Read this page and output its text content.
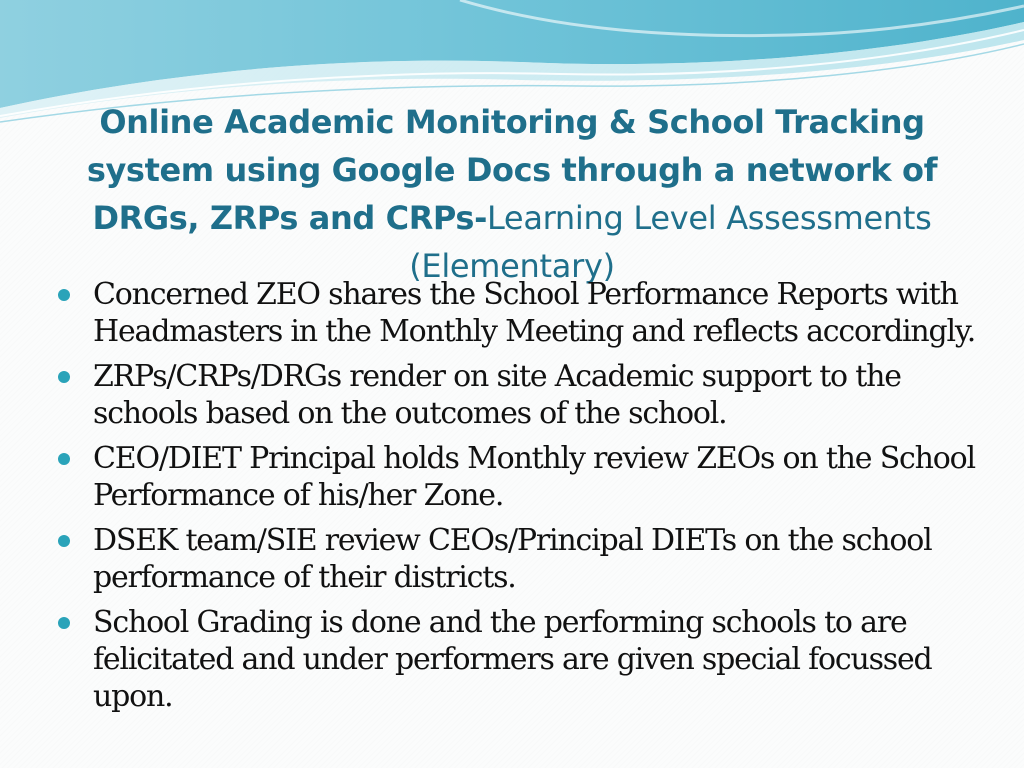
Online Academic Monitoring & School Tracking system using Google Docs through a network of DRGs, ZRPs and CRPs-Learning Level Assessments (Elementary)
Concerned ZEO shares the School Performance Reports with Headmasters in the Monthly Meeting and reflects accordingly.
ZRPs/CRPs/DRGs render on site Academic support to the schools based on the outcomes of the school.
CEO/DIET Principal holds Monthly review ZEOs on the School Performance of his/her Zone.
DSEK team/SIE review CEOs/Principal DIETs on the school performance of their districts.
School Grading is done and the performing schools to are felicitated and under performers are given special focussed upon.
